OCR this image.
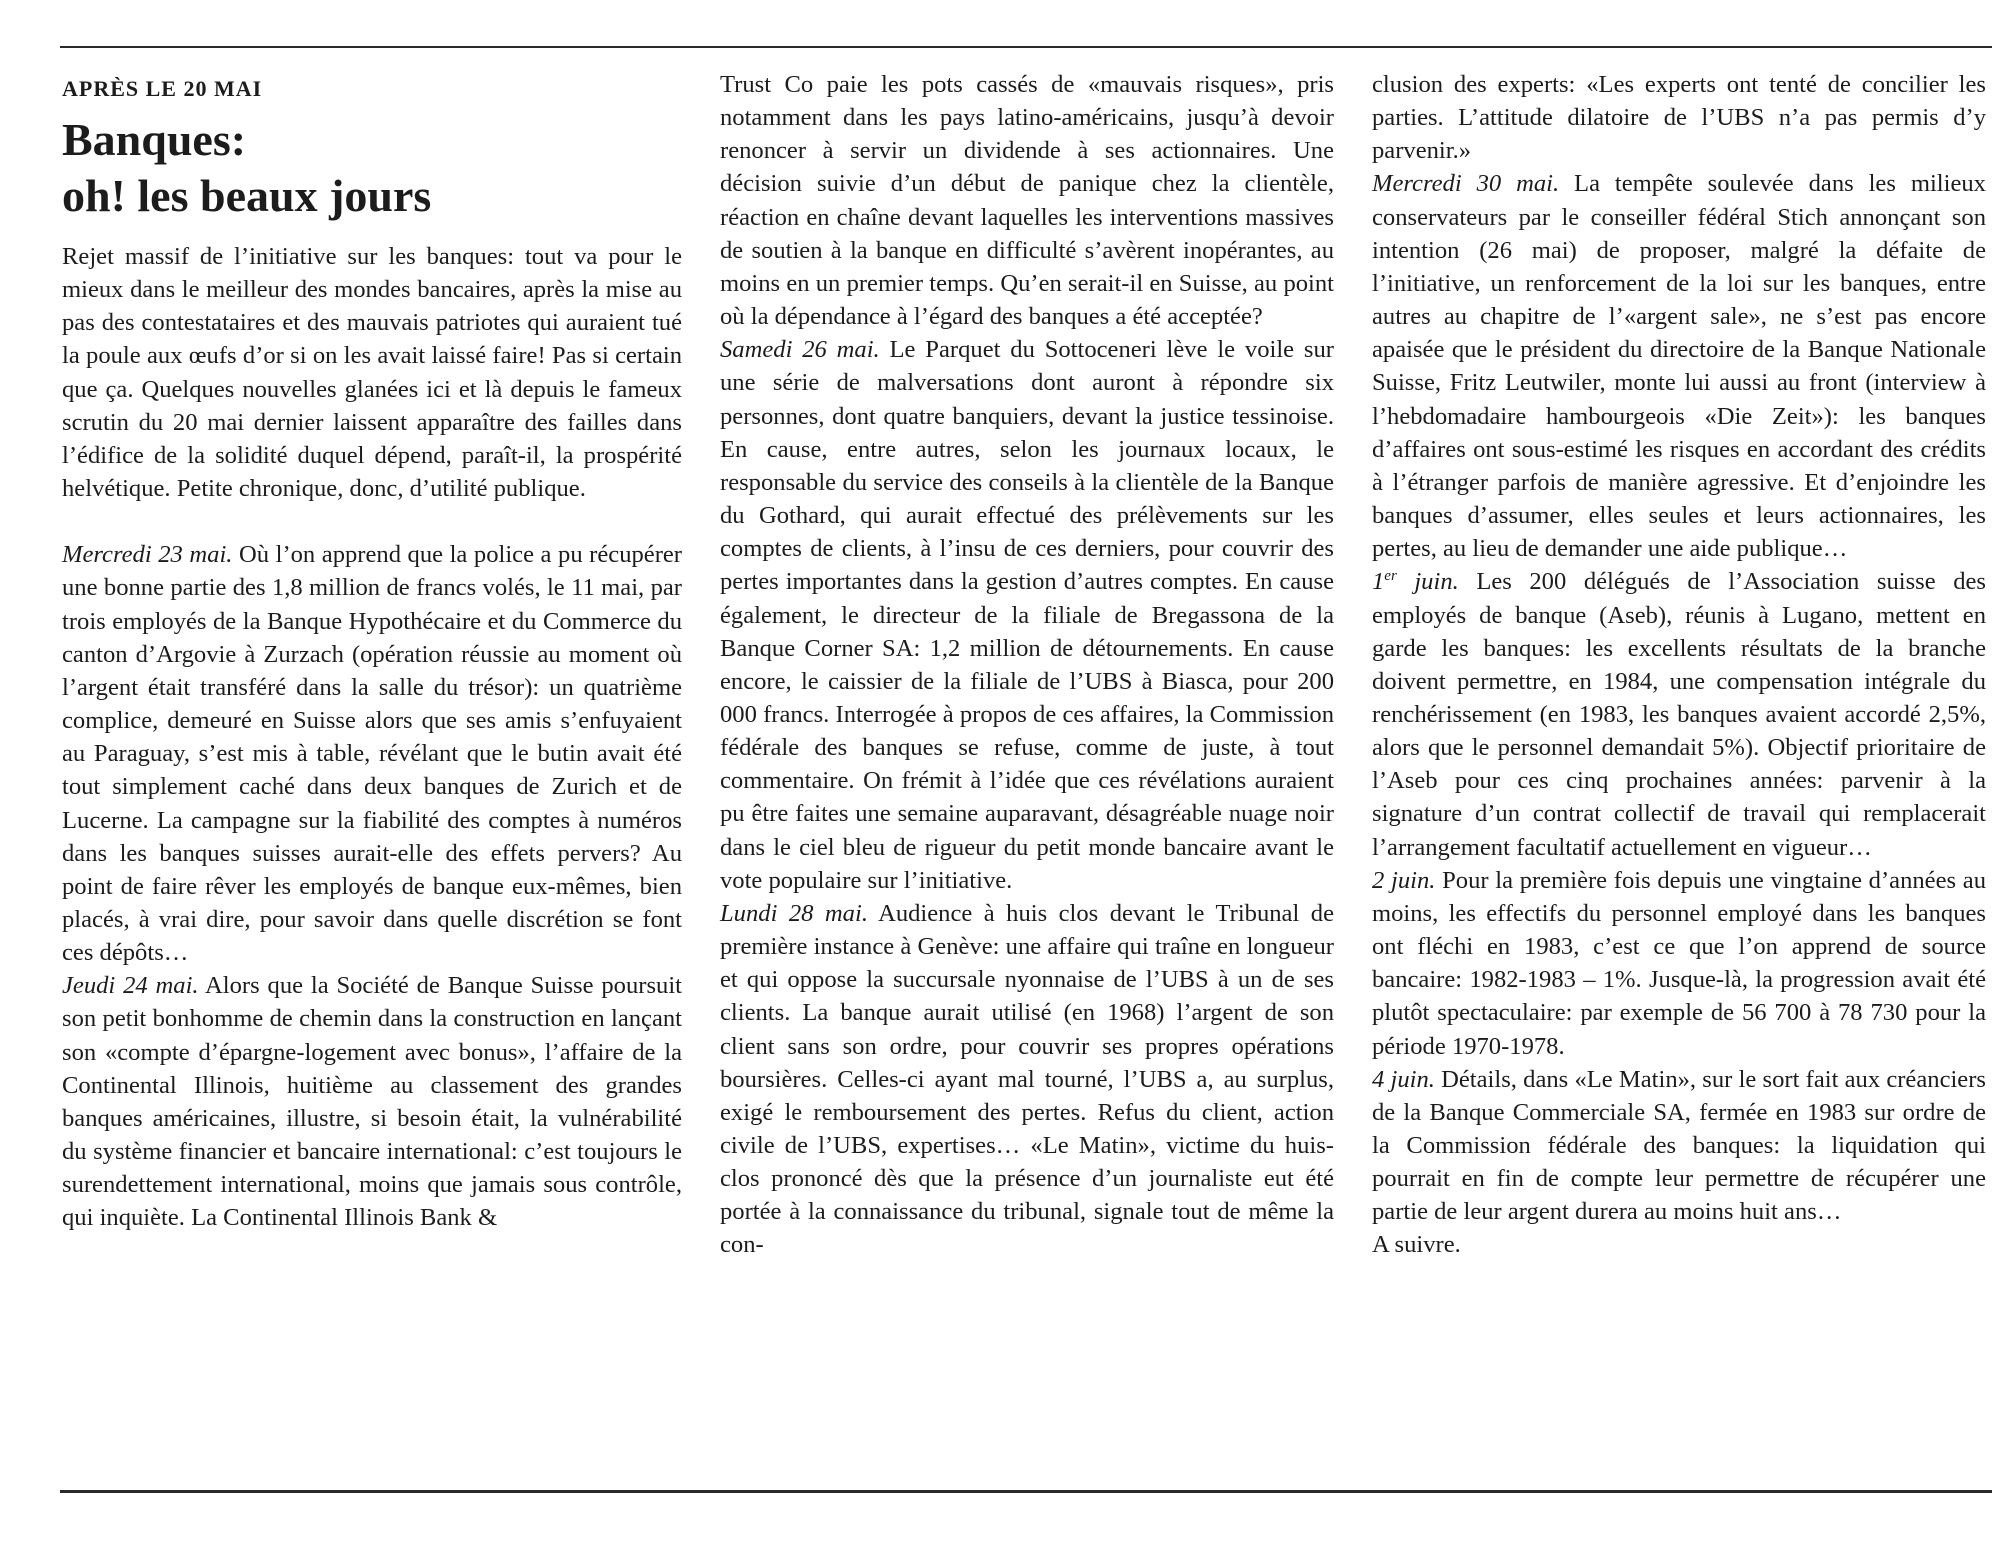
APRÈS LE 20 MAI
Banques:
oh! les beaux jours

Rejet massif de l’initiative sur les banques: tout va pour le mieux dans le meilleur des mondes bancaires, après la mise au pas des contestataires et des mauvais patriotes qui auraient tué la poule aux œufs d’or si on les avait laissé faire! Pas si certain que ça. Quelques nouvelles glanées ici et là depuis le fameux scrutin du 20 mai dernier laissent apparaître des failles dans l’édifice de la solidité duquel dépend, paraît-il, la prospérité helvétique. Petite chronique, donc, d’utilité publique.

Mercredi 23 mai. Où l’on apprend que la police a pu récupérer une bonne partie des 1,8 million de francs volés, le 11 mai, par trois employés de la Banque Hypothécaire et du Commerce du canton d’Argovie à Zurzach (opération réussie au moment où l’argent était transféré dans la salle du trésor): un quatrième complice, demeuré en Suisse alors que ses amis s’enfuyaient au Paraguay, s’est mis à table, révélant que le butin avait été tout simplement caché dans deux banques de Zurich et de Lucerne. La campagne sur la fiabilité des comptes à numéros dans les banques suisses aurait-elle des effets pervers? Au point de faire rêver les employés de banque eux-mêmes, bien placés, à vrai dire, pour savoir dans quelle discrétion se font ces dépôts…

Jeudi 24 mai. Alors que la Société de Banque Suisse poursuit son petit bonhomme de chemin dans la construction en lançant son «compte d’épargne-logement avec bonus», l’affaire de la Continental Illinois, huitième au classement des grandes banques américaines, illustre, si besoin était, la vulnérabilité du système financier et bancaire international: c’est toujours le surendettement international, moins que jamais sous contrôle, qui inquiète. La Continental Illinois Bank &

Trust Co paie les pots cassés de «mauvais risques», pris notamment dans les pays latino-américains, jusqu’à devoir renoncer à servir un dividende à ses actionnaires. Une décision suivie d’un début de panique chez la clientèle, réaction en chaîne devant laquelles les interventions massives de soutien à la banque en difficulté s’avèrent inopérantes, au moins en un premier temps. Qu’en serait-il en Suisse, au point où la dépendance à l’égard des banques a été acceptée?

Samedi 26 mai. Le Parquet du Sottoceneri lève le voile sur une série de malversations dont auront à répondre six personnes, dont quatre banquiers, devant la justice tessinoise. En cause, entre autres, selon les journaux locaux, le responsable du service des conseils à la clientèle de la Banque du Gothard, qui aurait effectué des prélèvements sur les comptes de clients, à l’insu de ces derniers, pour couvrir des pertes importantes dans la gestion d’autres comptes. En cause également, le directeur de la filiale de Bregassona de la Banque Corner SA: 1,2 million de détournements. En cause encore, le caissier de la filiale de l’UBS à Biasca, pour 200 000 francs. Interrogée à propos de ces affaires, la Commission fédérale des banques se refuse, comme de juste, à tout commentaire. On frémit à l’idée que ces révélations auraient pu être faites une semaine auparavant, désagréable nuage noir dans le ciel bleu de rigueur du petit monde bancaire avant le vote populaire sur l’initiative.

Lundi 28 mai. Audience à huis clos devant le Tribunal de première instance à Genève: une affaire qui traîne en longueur et qui oppose la succursale nyonnaise de l’UBS à un de ses clients. La banque aurait utilisé (en 1968) l’argent de son client sans son ordre, pour couvrir ses propres opérations boursières. Celles-ci ayant mal tourné, l’UBS a, au surplus, exigé le remboursement des pertes. Refus du client, action civile de l’UBS, expertises… «Le Matin», victime du huis-clos prononcé dès que la présence d’un journaliste eut été portée à la connaissance du tribunal, signale tout de même la con-

clusion des experts: «Les experts ont tenté de concilier les parties. L’attitude dilatoire de l’UBS n’a pas permis d’y parvenir.»

Mercredi 30 mai. La tempête soulevée dans les milieux conservateurs par le conseiller fédéral Stich annonçant son intention (26 mai) de proposer, malgré la défaite de l’initiative, un renforcement de la loi sur les banques, entre autres au chapitre de l’«argent sale», ne s’est pas encore apaisée que le président du directoire de la Banque Nationale Suisse, Fritz Leutwiler, monte lui aussi au front (interview à l’hebdomadaire hambourgeois «Die Zeit»): les banques d’affaires ont sous-estimé les risques en accordant des crédits à l’étranger parfois de manière agressive. Et d’enjoindre les banques d’assumer, elles seules et leurs actionnaires, les pertes, au lieu de demander une aide publique…

1er juin. Les 200 délégués de l’Association suisse des employés de banque (Aseb), réunis à Lugano, mettent en garde les banques: les excellents résultats de la branche doivent permettre, en 1984, une compensation intégrale du renchérissement (en 1983, les banques avaient accordé 2,5%, alors que le personnel demandait 5%). Objectif prioritaire de l’Aseb pour ces cinq prochaines années: parvenir à la signature d’un contrat collectif de travail qui remplacerait l’arrangement facultatif actuellement en vigueur…

2 juin. Pour la première fois depuis une vingtaine d’années au moins, les effectifs du personnel employé dans les banques ont fléchi en 1983, c’est ce que l’on apprend de source bancaire: 1982-1983 – 1%. Jusque-là, la progression avait été plutôt spectaculaire: par exemple de 56 700 à 78 730 pour la période 1970-1978.

4 juin. Détails, dans «Le Matin», sur le sort fait aux créanciers de la Banque Commerciale SA, fermée en 1983 sur ordre de la Commission fédérale des banques: la liquidation qui pourrait en fin de compte leur permettre de récupérer une partie de leur argent durera au moins huit ans…

A suivre.
